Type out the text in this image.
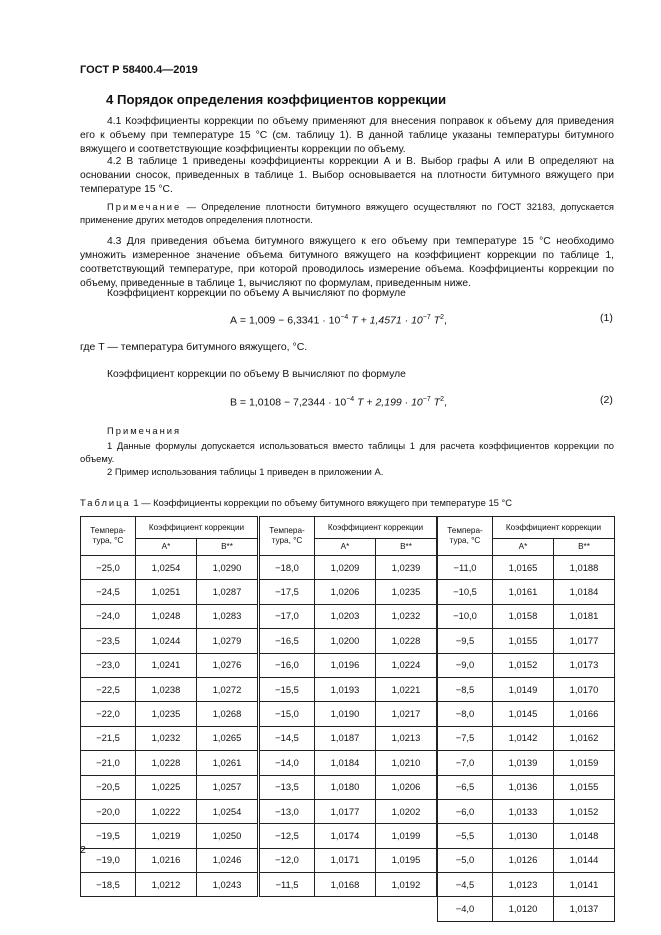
ГОСТ Р 58400.4—2019
4 Порядок определения коэффициентов коррекции
4.1 Коэффициенты коррекции по объему применяют для внесения поправок к объему для приведения его к объему при температуре 15 °С (см. таблицу 1). В данной таблице указаны температуры битумного вяжущего и соответствующие коэффициенты коррекции по объему.
4.2 В таблице 1 приведены коэффициенты коррекции А и В. Выбор графы А или В определяют на основании сносок, приведенных в таблице 1. Выбор основывается на плотности битумного вяжущего при температуре 15 °С.
Примечание — Определение плотности битумного вяжущего осуществляют по ГОСТ 32183, допускается применение других методов определения плотности.
4.3 Для приведения объема битумного вяжущего к его объему при температуре 15 °С необходимо умножить измеренное значение объема битумного вяжущего на коэффициент коррекции по таблице 1, соответствующий температуре, при которой проводилось измерение объема. Коэффициенты коррекции по объему, приведенные в таблице 1, вычисляют по формулам, приведенным ниже.
Коэффициент коррекции по объему А вычисляют по формуле
$А = 1,009 - 6,3341 \cdot 10^{-4}$ $T + 1,4571 \cdot 10^{-7}$ $T^2$,	(1)
где T — температура битумного вяжущего, °С.
Коэффициент коррекции по объему В вычисляют по формуле
$В = 1,0108 - 7,2344 \cdot 10^{-4}$ $T + 2,199 \cdot 10^{-7}$ $T^2$,	(2)
Примечания
1 Данные формулы допускается использоваться вместо таблицы 1 для расчета коэффициентов коррекции по объему.
2 Пример использования таблицы 1 приведен в приложении А.
Таблица 1 — Коэффициенты коррекции по объему битумного вяжущего при температуре 15 °С
Темпера-тура, °С	Коэффициент коррекции	
	А*	В**
−25,0	1,0254	1,0290
−24,5	1,0251	1,0287
−24,0	1,0248	1,0283
−23,5	1,0244	1,0279
−23,0	1,0241	1,0276
−22,5	1,0238	1,0272
−22,0	1,0235	1,0268
−21,5	1,0232	1,0265
−21,0	1,0228	1,0261
−20,5	1,0225	1,0257
−20,0	1,0222	1,0254
−19,5	1,0219	1,0250
−19,0	1,0216	1,0246
−18,5	1,0212	1,0243
Темпера-тура, °С	Коэффициент коррекции	
	А*	В**
−18,0	1,0209	1,0239
−17,5	1,0206	1,0235
−17,0	1,0203	1,0232
−16,5	1,0200	1,0228
−16,0	1,0196	1,0224
−15,5	1,0193	1,0221
−15,0	1,0190	1,0217
−14,5	1,0187	1,0213
−14,0	1,0184	1,0210
−13,5	1,0180	1,0206
−13,0	1,0177	1,0202
−12,5	1,0174	1,0199
−12,0	1,0171	1,0195
−11,5	1,0168	1,0192
Темпера-тура, °С	Коэффициент коррекции	
	А*	В**
−11,0	1,0165	1,0188
−10,5	1,0161	1,0184
−10,0	1,0158	1,0181
−9,5	1,0155	1,0177
−9,0	1,0152	1,0173
−8,5	1,0149	1,0170
−8,0	1,0145	1,0166
−7,5	1,0142	1,0162
−7,0	1,0139	1,0159
−6,5	1,0136	1,0155
−6,0	1,0133	1,0152
−5,5	1,0130	1,0148
−5,0	1,0126	1,0144
−4,5	1,0123	1,0141
−4,0	1,0120	1,0137
2
